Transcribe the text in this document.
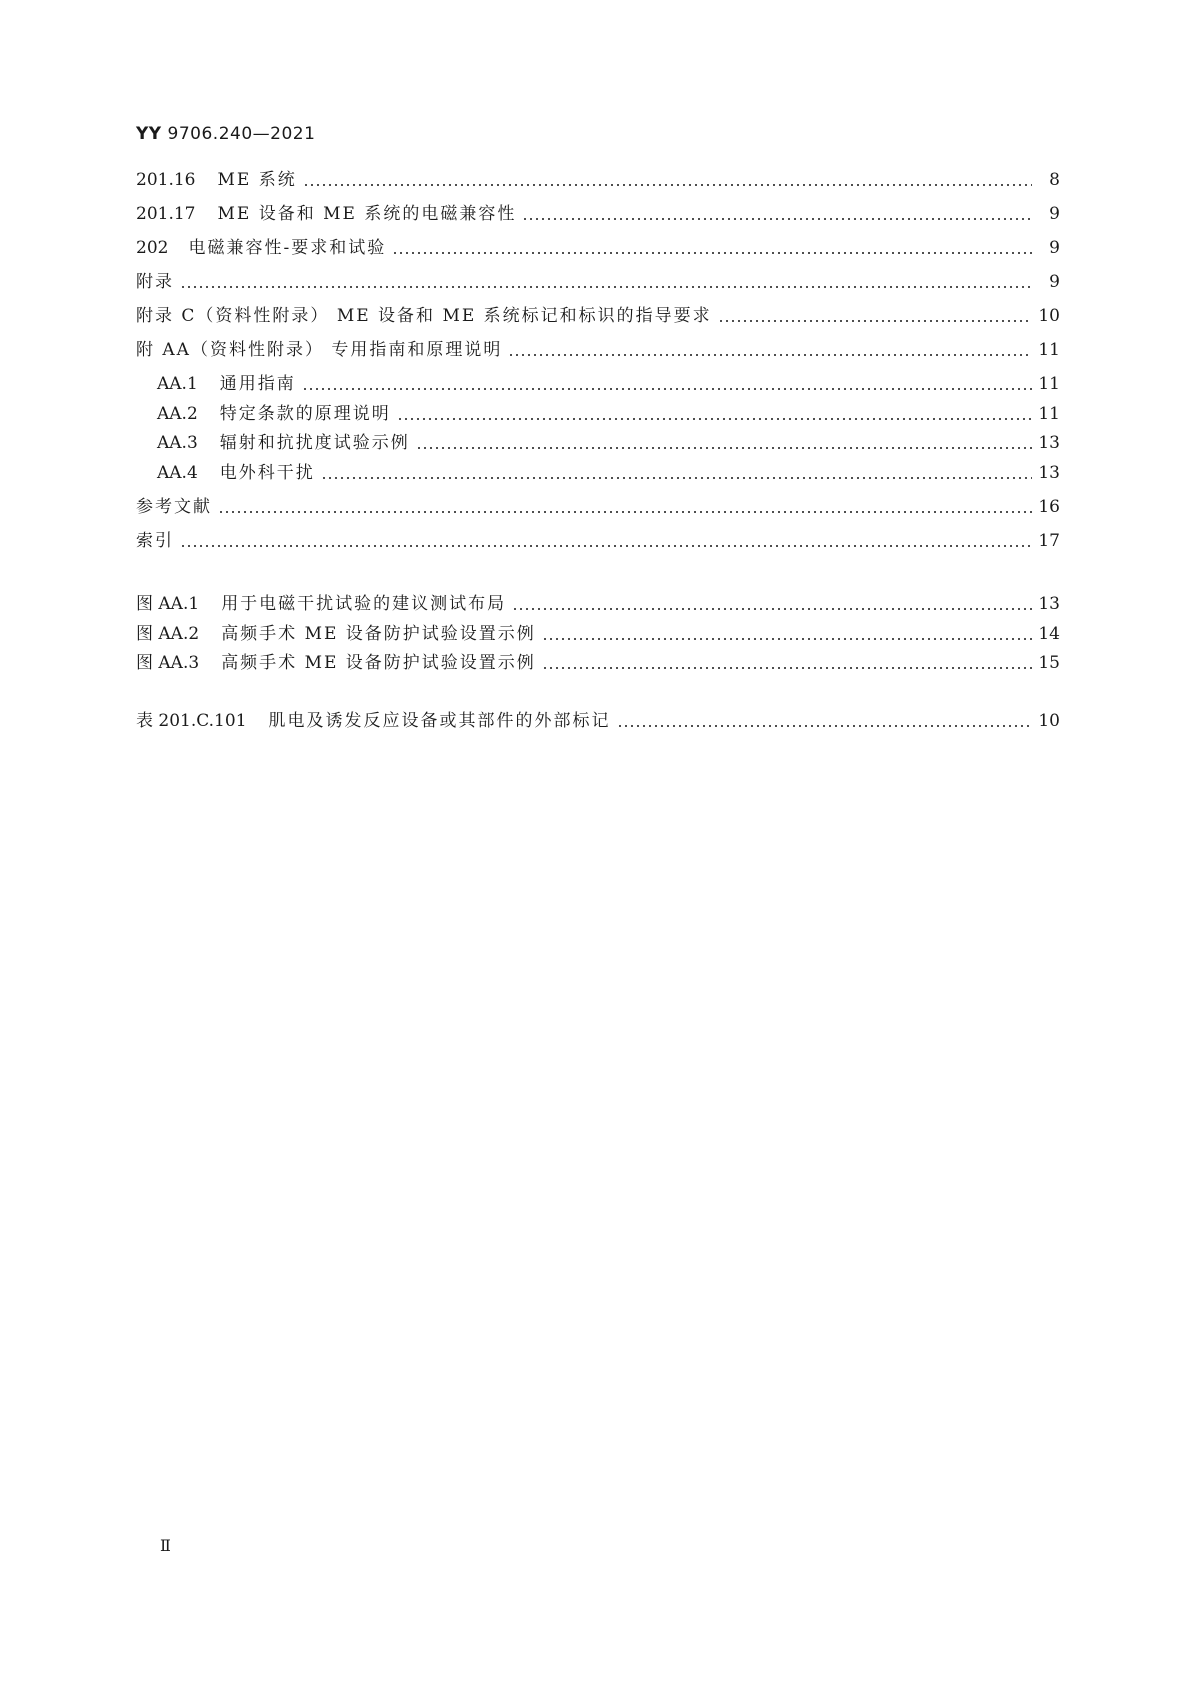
YY 9706.240—2021
201.16 ME 系统	8
201.17 ME 设备和 ME 系统的电磁兼容性	9
202 电磁兼容性-要求和试验	9
附录	9
附录 C（资料性附录） ME 设备和 ME 系统标记和标识的指导要求	10
附 AA（资料性附录） 专用指南和原理说明	11
AA.1 通用指南	11
AA.2 特定条款的原理说明	11
AA.3 辐射和抗扰度试验示例	13
AA.4 电外科干扰	13
参考文献	16
索引	17
图 AA.1 用于电磁干扰试验的建议测试布局	13
图 AA.2 高频手术 ME 设备防护试验设置示例	14
图 AA.3 高频手术 ME 设备防护试验设置示例	15
表 201.C.101 肌电及诱发反应设备或其部件的外部标记	10
Ⅱ
